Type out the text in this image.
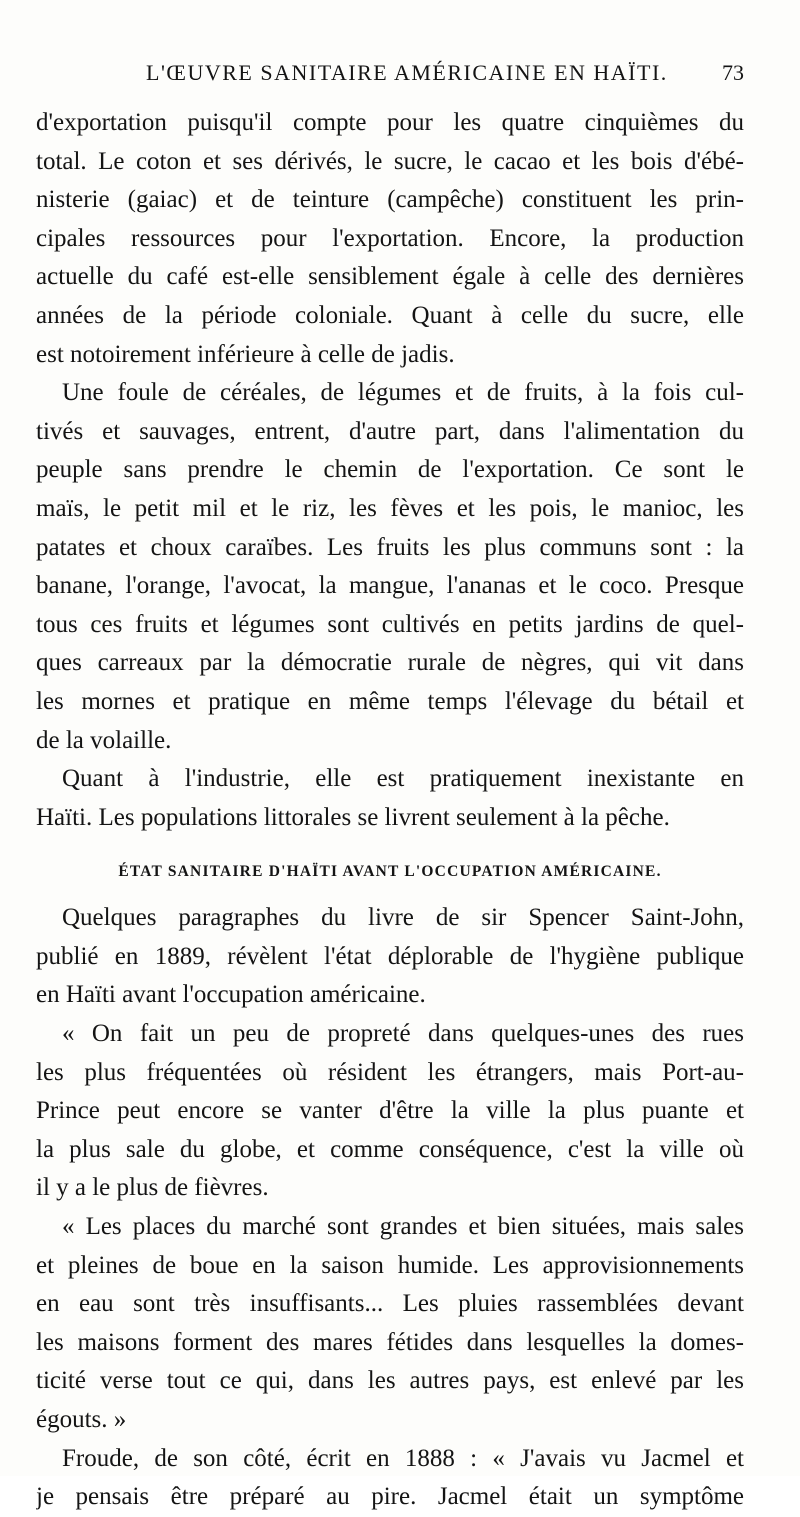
L'ŒUVRE SANITAIRE AMÉRICAINE EN HAÏTI. 73
d'exportation puisqu'il compte pour les quatre cinquièmes du
total. Le coton et ses dérivés, le sucre, le cacao et les bois d'ébé-
nisterie (gaiac) et de teinture (campêche) constituent les prin-
cipales ressources pour l'exportation. Encore, la production
actuelle du café est-elle sensiblement égale à celle des dernières
années de la période coloniale. Quant à celle du sucre, elle
est notoirement inférieure à celle de jadis.
Une foule de céréales, de légumes et de fruits, à la fois cul-
tivés et sauvages, entrent, d'autre part, dans l'alimentation du
peuple sans prendre le chemin de l'exportation. Ce sont le
maïs, le petit mil et le riz, les fèves et les pois, le manioc, les
patates et choux caraïbes. Les fruits les plus communs sont : la
banane, l'orange, l'avocat, la mangue, l'ananas et le coco. Presque
tous ces fruits et légumes sont cultivés en petits jardins de quel-
ques carreaux par la démocratie rurale de nègres, qui vit dans
les mornes et pratique en même temps l'élevage du bétail et
de la volaille.
Quant à l'industrie, elle est pratiquement inexistante en
Haïti. Les populations littorales se livrent seulement à la pêche.
ÉTAT SANITAIRE D'HAÏTI AVANT L'OCCUPATION AMÉRICAINE.
Quelques paragraphes du livre de sir Spencer Saint-John,
publié en 1889, révèlent l'état déplorable de l'hygiène publique
en Haïti avant l'occupation américaine.
« On fait un peu de propreté dans quelques-unes des rues
les plus fréquentées où résident les étrangers, mais Port-au-
Prince peut encore se vanter d'être la ville la plus puante et
la plus sale du globe, et comme conséquence, c'est la ville où
il y a le plus de fièvres.
« Les places du marché sont grandes et bien situées, mais sales
et pleines de boue en la saison humide. Les approvisionnements
en eau sont très insuffisants... Les pluies rassemblées devant
les maisons forment des mares fétides dans lesquelles la domes-
ticité verse tout ce qui, dans les autres pays, est enlevé par les
égouts. »
Froude, de son côté, écrit en 1888 : « J'avais vu Jacmel et
je pensais être préparé au pire. Jacmel était un symptôme
